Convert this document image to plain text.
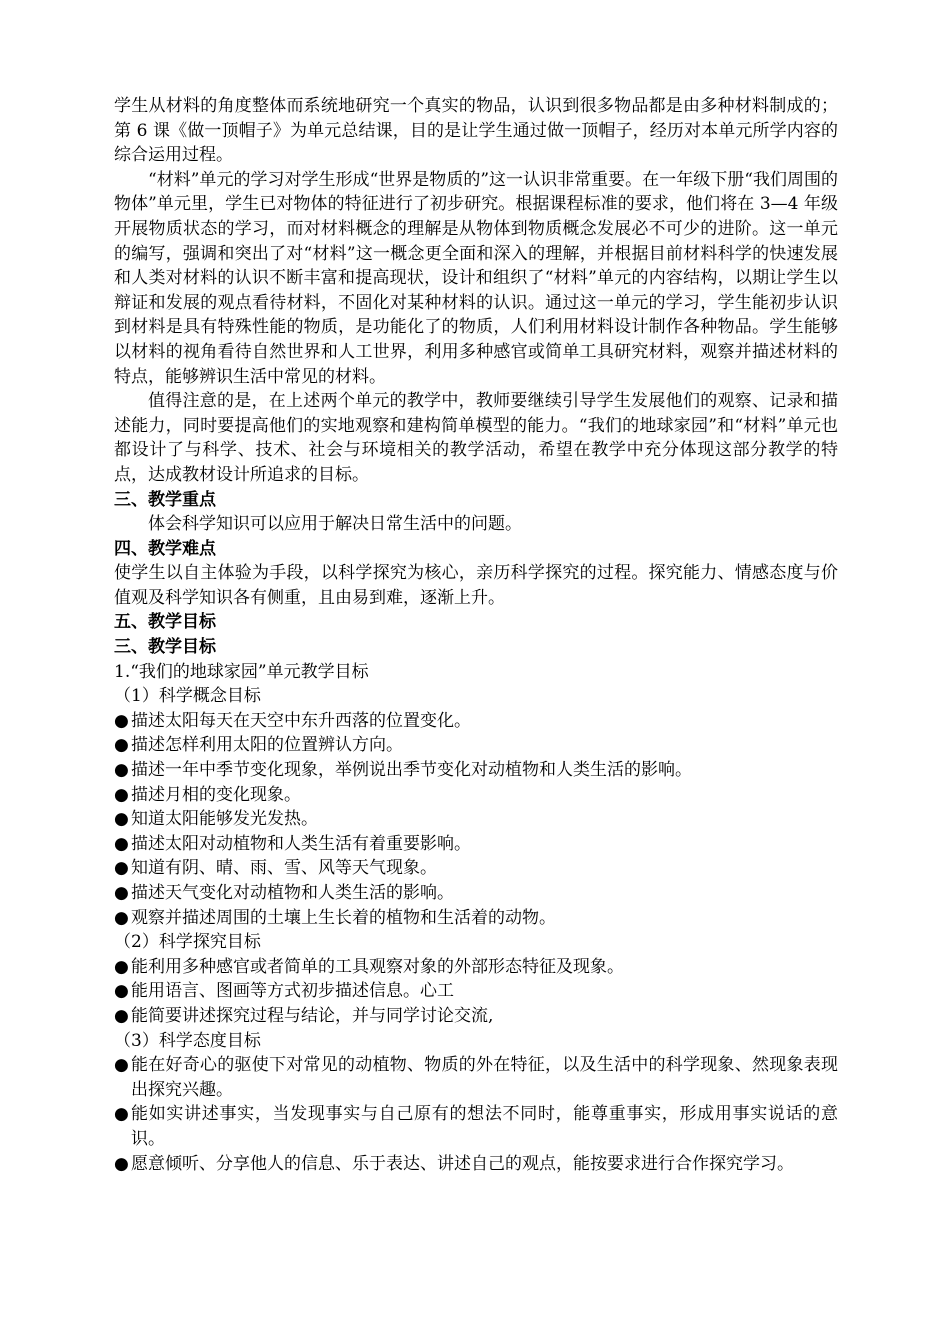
学生从材料的角度整体而系统地研究一个真实的物品，认识到很多物品都是由多种材料制成的；第 6 课《做一顶帽子》为单元总结课，目的是让学生通过做一顶帽子，经历对本单元所学内容的综合运用过程。

“材料”单元的学习对学生形成“世界是物质的”这一认识非常重要。在一年级下册“我们周围的物体”单元里，学生已对物体的特征进行了初步研究。根据课程标准的要求，他们将在 3—4 年级开展物质状态的学习，而对材料概念的理解是从物体到物质概念发展必不可少的进阶。这一单元的编写，强调和突出了对“材料”这一概念更全面和深入的理解，并根据目前材料科学的快速发展和人类对材料的认识不断丰富和提高现状，设计和组织了“材料”单元的内容结构，以期让学生以辩证和发展的观点看待材料，不固化对某种材料的认识。通过这一单元的学习，学生能初步认识到材料是具有特殊性能的物质，是功能化了的物质，人们利用材料设计制作各种物品。学生能够以材料的视角看待自然世界和人工世界，利用多种感官或简单工具研究材料，观察并描述材料的特点，能够辨识生活中常见的材料。

值得注意的是，在上述两个单元的教学中，教师要继续引导学生发展他们的观察、记录和描述能力，同时要提高他们的实地观察和建构简单模型的能力。“我们的地球家园”和“材料”单元也都设计了与科学、技术、社会与环境相关的教学活动，希望在教学中充分体现这部分教学的特点，达成教材设计所追求的目标。

三、教学重点

体会科学知识可以应用于解决日常生活中的问题。

四、教学难点

使学生以自主体验为手段，以科学探究为核心，亲历科学探究的过程。探究能力、情感态度与价值观及科学知识各有侧重，且由易到难，逐渐上升。

五、教学目标

三、教学目标

1.“我们的地球家园”单元教学目标

（1）科学概念目标

● 描述太阳每天在天空中东升西落的位置变化。
● 描述怎样利用太阳的位置辨认方向。
● 描述一年中季节变化现象，举例说出季节变化对动植物和人类生活的影响。
● 描述月相的变化现象。
● 知道太阳能够发光发热。
● 描述太阳对动植物和人类生活有着重要影响。
● 知道有阴、晴、雨、雪、风等天气现象。
● 描述天气变化对动植物和人类生活的影响。
● 观察并描述周围的土壤上生长着的植物和生活着的动物。

（2）科学探究目标

● 能利用多种感官或者简单的工具观察对象的外部形态特征及现象。
● 能用语言、图画等方式初步描述信息。心工
● 能简要讲述探究过程与结论，并与同学讨论交流,

（3）科学态度目标

● 能在好奇心的驱使下对常见的动植物、物质的外在特征，以及生活中的科学现象、然现象表现出探究兴趣。
● 能如实讲述事实，当发现事实与自己原有的想法不同时，能尊重事实，形成用事实说话的意识。
● 愿意倾听、分享他人的信息、乐于表达、讲述自己的观点，能按要求进行合作探究学习。
